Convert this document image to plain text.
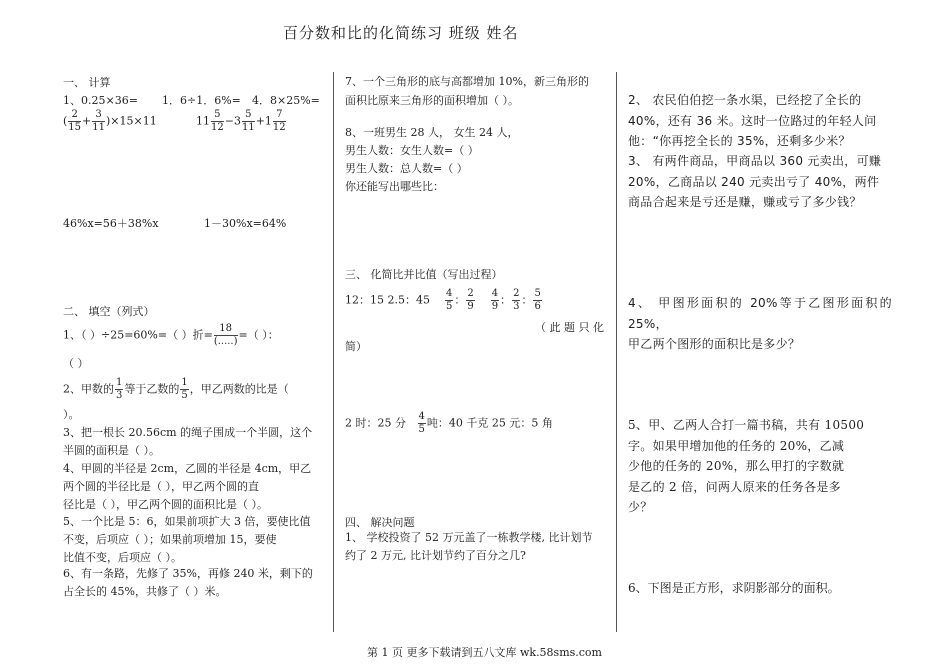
百分数和比的化简练习 班级 姓名
一、 计算
1、0.25×36= 1．6÷1．6%= 4．8×25%=
( $\frac{2}{15} + \frac{3}{11} )\times 15\times 11$	$11 \frac{5}{12} -3 \frac{5}{11} +1 \frac{7}{12}$
46%x=56＋38%x	1－30%x=64%
二、 填空（列式）
1、（ ）÷25=60%=（ ）折= $\frac{18}{(.....)}$ =（ ）：
（ ）
2、甲数的 $\frac{1}{3}$ 等于乙数的 $\frac{1}{5}$ ，甲乙两数的比是（
）。
3、把一根长 20.56cm 的绳子围成一个半圆，这个
半圆的面积是（ ）。
4、甲圆的半径是 2cm，乙圆的半径是 4cm，甲乙
两个圆的半径比是（ ），甲乙两个圆的直
径比是（ ），甲乙两个圆的面积比是（ ）。
5、一个比是 5：6，如果前项扩大 3 倍，要使比值
不变，后项应（ ）；如果前项增加 15，要使
比值不变，后项应（ ）。
6、有一条路，先修了 35%，再修 240 米，剩下的
占全长的 45%，共修了（ ）米。
7、一个三角形的底与高都增加 10%，新三角形的
面积比原来三角形的面积增加（ ）。
8、一班男生 28 人， 女生 24 人，
男生人数：女生人数=（ ）
男生人数：总人数=（ ）
你还能写出哪些比：
三、 化简比并比值（写出过程）
12：15 2.5：$45 \frac{4}{5}$ ： $\frac{2}{9}$
$\frac{4}{9}$ ： $\frac{2}{3}$ ： $\frac{5}{6}$
（ 此 题 只 化
简）
2 时：25 分 $\frac{4}{5}$ 吨：40 千克 25 元：5 角
四、 解决问题
1、 学校投资了 52 万元盖了一栋教学楼, 比计划节
约了 2 万元, 比计划节约了百分之几?
2、 农民伯伯挖一条水渠，已经挖了全长的
40%，还有 36 米。这时一位路过的年轻人问
他：“你再挖全长的 35%，还剩多少米？
3、 有两件商品，甲商品以 360 元卖出，可赚
20%，乙商品以 240 元卖出亏了 40%，两件
商品合起来是亏还是赚，赚或亏了多少钱？
4、 甲图形面积的 20%等于乙图形面积的 25%，
甲乙两个图形的面积比是多少？
5、甲、乙两人合打一篇书稿，共有 10500
字。如果甲增加他的任务的 20%，乙减
少他的任务的 20%，那么甲打的字数就
是乙的 2 倍，问两人原来的任务各是多
少？
6、下图是正方形，求阴影部分的面积。
第 1 页 更多下载请到五八文库 wk.58sms.com
